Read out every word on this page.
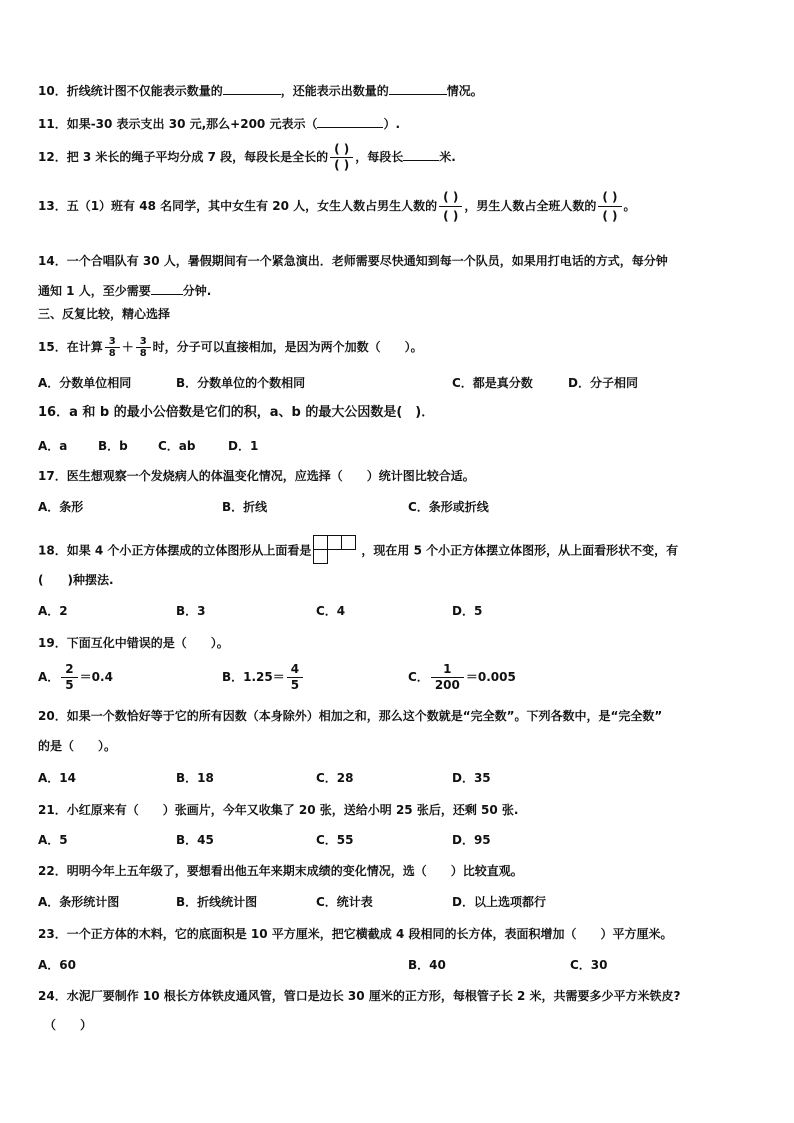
10．折线统计图不仅能表示数量的	，还能表示出数量的	情况。
11．如果-30 表示支出 30 元,那么+200 元表示（	）.
12．把 3 米长的绳子平均分成 7 段，每段长是全长的 $\frac{( )}{( )}$ ，每段长	米.
13．五（1）班有 48 名同学，其中女生有 20 人，女生人数占男生人数的 $\frac{( )}{( )}$ ，男生人数占全班人数的 $\frac{( )}{( )}$ 。
14．一个合唱队有 30 人，暑假期间有一个紧急演出．老师需要尽快通知到每一个队员，如果用打电话的方式，每分钟
通知 1 人，至少需要	分钟.
三、反复比较，精心选择
15．在计算 $\frac{3}{8} + \frac{3}{8}$ 时，分子可以直接相加，是因为两个加数（　　）。
A．分数单位相同	B．分数单位的个数相同	C．都是真分数	D．分子相同
16．a 和 b 的最小公倍数是它们的积，a、b 的最大公因数是(　)．
A．a	B．b	C．ab	D．1
17．医生想观察一个发烧病人的体温变化情况，应选择（　　）统计图比较合适。
A．条形	B．折线	C．条形或折线
18．如果 4 个小正方体摆成的立体图形从上面看是	，现在用 5 个小正方体摆立体图形，从上面看形状不变，有
(　　)种摆法.
A．2	B．3	C．4	D．5
19．下面互化中错误的是（　　）。
A． $\frac{2}{5} =0.4$	B．$1.25= \frac{4}{5}$	C． $\frac{1}{200} =0.005$
20．如果一个数恰好等于它的所有因数（本身除外）相加之和，那么这个数就是“完全数”。下列各数中，是“完全数”
的是（　　）。
A．14	B．18	C．28	D．35
21．小红原来有（　　）张画片，今年又收集了 20 张，送给小明 25 张后，还剩 50 张.
A．5	B．45	C．55	D．95
22．明明今年上五年级了，要想看出他五年来期末成绩的变化情况，选（　　）比较直观。
A．条形统计图	B．折线统计图	C．统计表	D．以上选项都行
23．一个正方体的木料，它的底面积是 10 平方厘米，把它横截成 4 段相同的长方体，表面积增加（　　）平方厘米。
A．60	B．40	C．30
24．水泥厂要制作 10 根长方体铁皮通风管，管口是边长 30 厘米的正方形，每根管子长 2 米，共需要多少平方米铁皮?
（　　）
